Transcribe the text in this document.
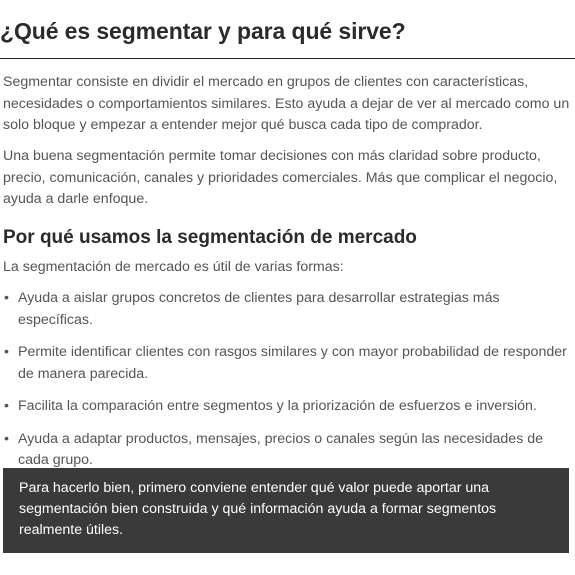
¿Qué es segmentar y para qué sirve?

Segmentar consiste en dividir el mercado en grupos de clientes con características, necesidades o comportamientos similares. Esto ayuda a dejar de ver al mercado como un solo bloque y empezar a entender mejor qué busca cada tipo de comprador.

Una buena segmentación permite tomar decisiones con más claridad sobre producto, precio, comunicación, canales y prioridades comerciales. Más que complicar el negocio, ayuda a darle enfoque.

Por qué usamos la segmentación de mercado

La segmentación de mercado es útil de varias formas:

• Ayuda a aislar grupos concretos de clientes para desarrollar estrategias más específicas.
• Permite identificar clientes con rasgos similares y con mayor probabilidad de responder de manera parecida.
• Facilita la comparación entre segmentos y la priorización de esfuerzos e inversión.
• Ayuda a adaptar productos, mensajes, precios o canales según las necesidades de cada grupo.

Para hacerlo bien, primero conviene entender qué valor puede aportar una segmentación bien construida y qué información ayuda a formar segmentos realmente útiles.
